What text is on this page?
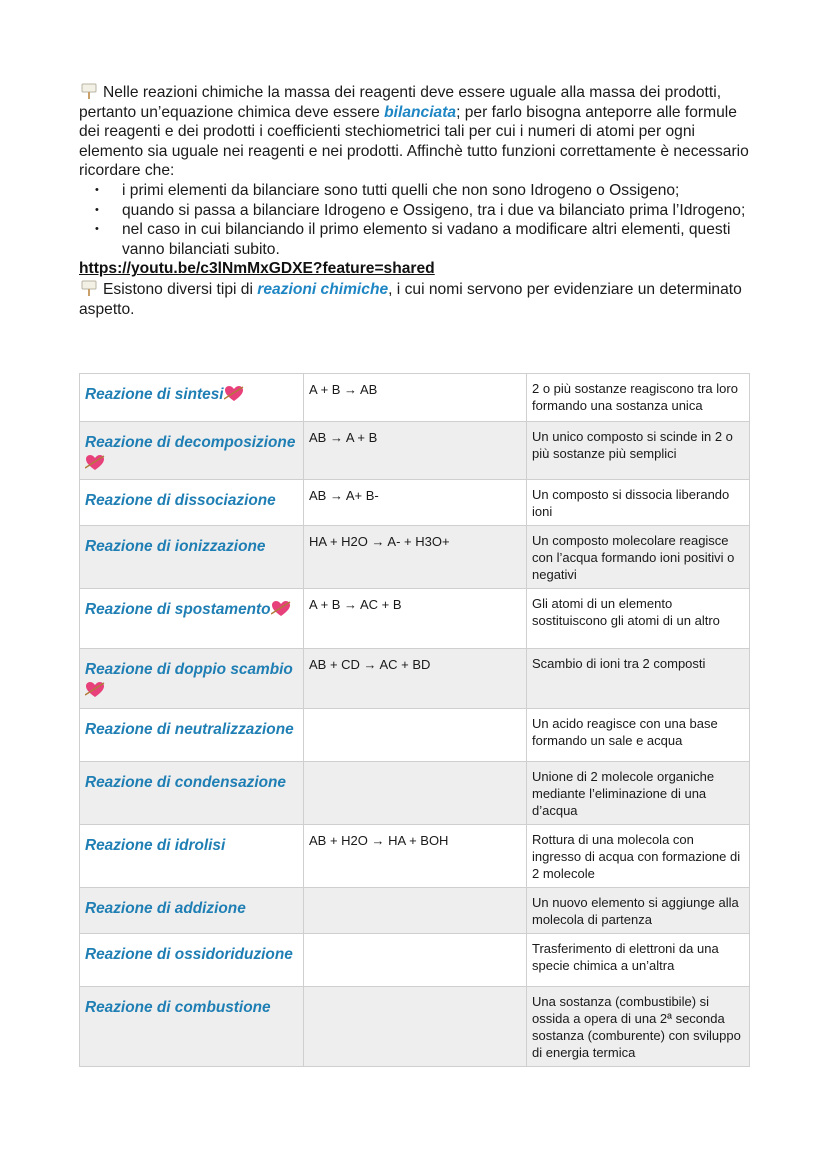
Nelle reazioni chimiche la massa dei reagenti deve essere uguale alla massa dei prodotti, pertanto un’equazione chimica deve essere bilanciata; per farlo bisogna anteporre alle formule dei reagenti e dei prodotti i coefficienti stechiometrici tali per cui i numeri di atomi per ogni elemento sia uguale nei reagenti e nei prodotti. Affinchè tutto funzioni correttamente è necessario ricordare che:

• i primi elementi da bilanciare sono tutti quelli che non sono Idrogeno o Ossigeno;
• quando si passa a bilanciare Idrogeno e Ossigeno, tra i due va bilanciato prima l’Idrogeno;
• nel caso in cui bilanciando il primo elemento si vadano a modificare altri elementi, questi vanno bilanciati subito.
https://youtu.be/c3lNmMxGDXE?feature=shared

Esistono diversi tipi di reazioni chimiche, i cui nomi servono per evidenziare un determinato aspetto.

Reazione di sintesi	A + B → AB	2 o più sostanze reagiscono tra loro formando una sostanza unica
Reazione di decomposizione	AB → A + B	Un unico composto si scinde in 2 o più sostanze più semplici
Reazione di dissociazione	AB → A+ B-	Un composto si dissocia liberando ioni
Reazione di ionizzazione	HA + H2O → A- + H3O+	Un composto molecolare reagisce con l’acqua formando ioni positivi o negativi
Reazione di spostamento	A + B → AC + B	Gli atomi di un elemento sostituiscono gli atomi di un altro
Reazione di doppio scambio	AB + CD → AC + BD	Scambio di ioni tra 2 composti
Reazione di neutralizzazione		Un acido reagisce con una base formando un sale e acqua
Reazione di condensazione		Unione di 2 molecole organiche mediante l’eliminazione di una d’acqua
Reazione di idrolisi	AB + H2O → HA + BOH	Rottura di una molecola con ingresso di acqua con formazione di 2 molecole
Reazione di addizione		Un nuovo elemento si aggiunge alla molecola di partenza
Reazione di ossidoriduzione		Trasferimento di elettroni da una specie chimica a un’altra
Reazione di combustione		Una sostanza (combustibile) si ossida a opera di una 2ª seconda sostanza (comburente) con sviluppo di energia termica
